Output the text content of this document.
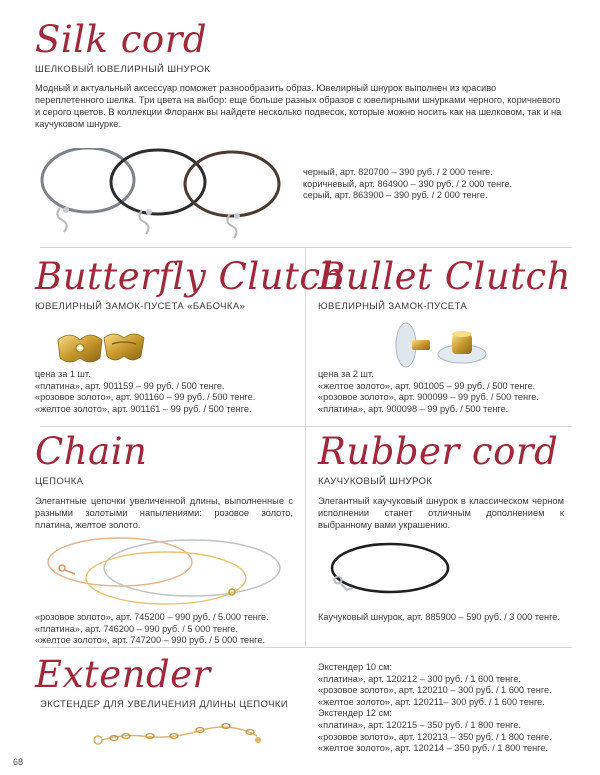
Silk cord
ШЕЛКОВЫЙ ЮВЕЛИРНЫЙ ШНУРОК
Модный и актуальный аксессуар поможет разнообразить образ. Ювелирный шнурок выполнен из красиво переплетенного шелка. Три цвета на выбор: еще больше разных образов с ювелирными шнурками черного, коричневого и серого цветов. В коллекции Флоранж вы найдете несколько подвесок, которые можно носить как на шелковом, так и на каучуковом шнурке.
черный, арт. 820700 – 390 руб. / 2 000 тенге.
коричневый, арт. 864900 – 390 руб. / 2 000 тенге.
серый, арт. 863900 – 390 руб. / 2 000 тенге.
Butterfly Clutch
ЮВЕЛИРНЫЙ ЗАМОК-ПУСЕТА «БАБОЧКА»
цена за 1 шт.
«платина», арт. 901159 – 99 руб. / 500 тенге.
«розовое золото», арт. 901160 – 99 руб. / 500 тенге.
«желтое золото», арт. 901161 – 99 руб. / 500 тенге.
Bullet Clutch
ЮВЕЛИРНЫЙ ЗАМОК-ПУСЕТА
цена за 2 шт.
«желтое золото», арт. 901005 – 99 руб. / 500 тенге.
«розовое золото», арт. 900099 – 99 руб. / 500 тенге.
«платина», арт. 900098 – 99 руб. / 500 тенге.
Chain
ЦЕПОЧКА
Элегантные цепочки увеличенной длины, выполненные с разными золотыми напылениями: розовое золото, платина, желтое золото.
«розовое золото», арт. 745200 – 990 руб. / 5.000 тенге.
«платина», арт. 746200 – 990 руб. / 5 000 тенге.
«желтое золото», арт. 747200 – 990 руб. / 5 000 тенге.
Rubber cord
КАУЧУКОВЫЙ ШНУРОК
Элегантный каучуковый шнурок в классическом черном исполнении станет отличным дополнением к выбранному вами украшению.
Каучуковый шнурок, арт. 885900 – 590 руб. / 3 000 тенге.
Extender
ЭКСТЕНДЕР ДЛЯ УВЕЛИЧЕНИЯ ДЛИНЫ ЦЕПОЧКИ
Экстендер 10 см:
«платина», арт. 120212 – 300 руб. / 1 600 тенге.
«розовое золото», арт. 120210 – 300 руб. / 1 600 тенге.
«желтое золото», арт. 120211– 300 руб. / 1 600 тенге.
Экстендер 12 см:
«платина», арт. 120215 – 350 руб. / 1 800 тенге.
«розовое золото», арт. 120213 – 350 руб. / 1 800 тенге.
«желтое золото», арт. 120214 – 350 руб. / 1 800 тенге.
68
